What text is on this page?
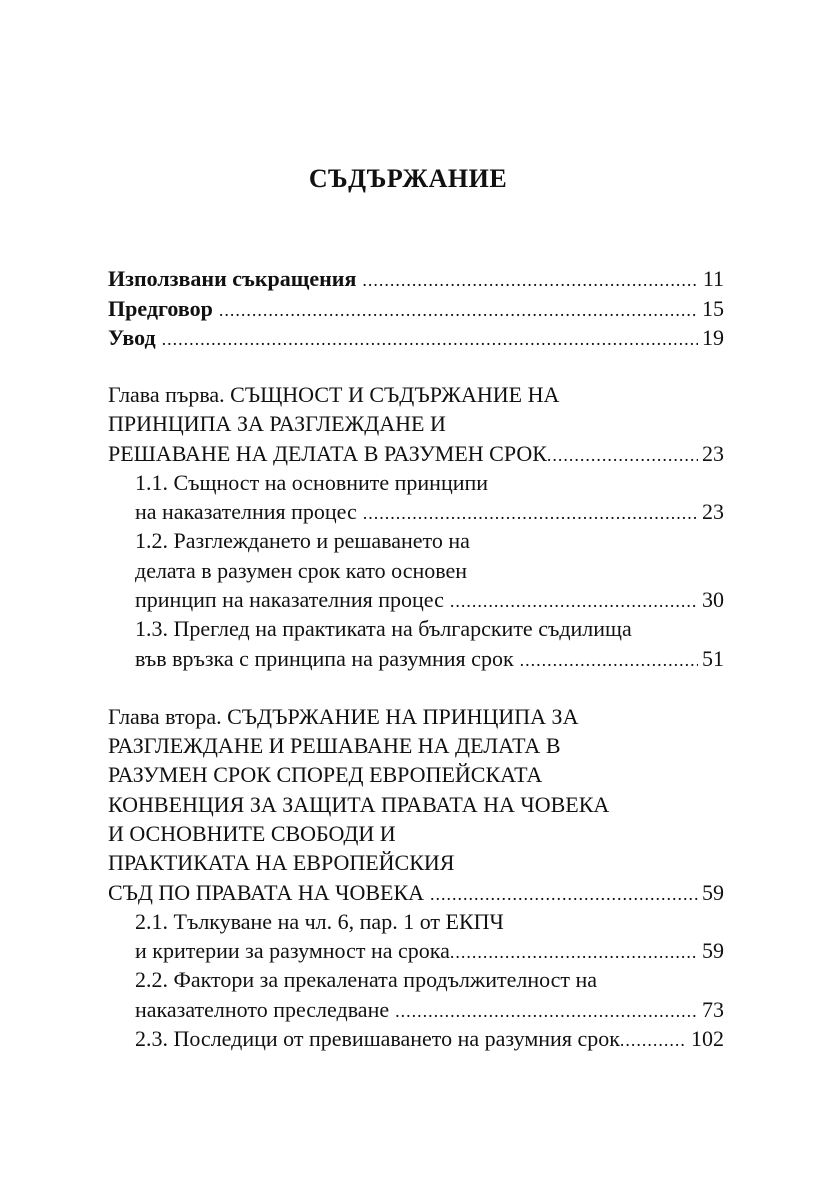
СЪДЪРЖАНИЕ
Използвани съкращения .....	11
Предговор .....	15
Увод .....	19
Глава първа. СЪЩНОСТ И СЪДЪРЖАНИЕ НА
ПРИНЦИПА ЗА РАЗГЛЕЖДАНЕ И
РЕШАВАНЕ НА ДЕЛАТА В РАЗУМЕН СРОК .....	23
1.1. Същност на основните принципи
на наказателния процес .....	23
1.2. Разглеждането и решаването на
делата в разумен срок като основен
принцип на наказателния процес .....	30
1.3. Преглед на практиката на българските съдилища
във връзка с принципа на разумния срок .....	51
Глава втора. СЪДЪРЖАНИЕ НА ПРИНЦИПА ЗА
РАЗГЛЕЖДАНЕ И РЕШАВАНЕ НА ДЕЛАТА В
РАЗУМЕН СРОК СПОРЕД ЕВРОПЕЙСКАТА
КОНВЕНЦИЯ ЗА ЗАЩИТА ПРАВАТА НА ЧОВЕКА
И ОСНОВНИТЕ СВОБОДИ И
ПРАКТИКАТА НА ЕВРОПЕЙСКИЯ
СЪД ПО ПРАВАТА НА ЧОВЕКА .....	59
2.1. Тълкуване на чл. 6, пар. 1 от ЕКПЧ
и критерии за разумност на срока .....	59
2.2. Фактори за прекалената продължителност на
наказателното преследване .....	73
2.3. Последици от превишаването на разумния срок .....	102
